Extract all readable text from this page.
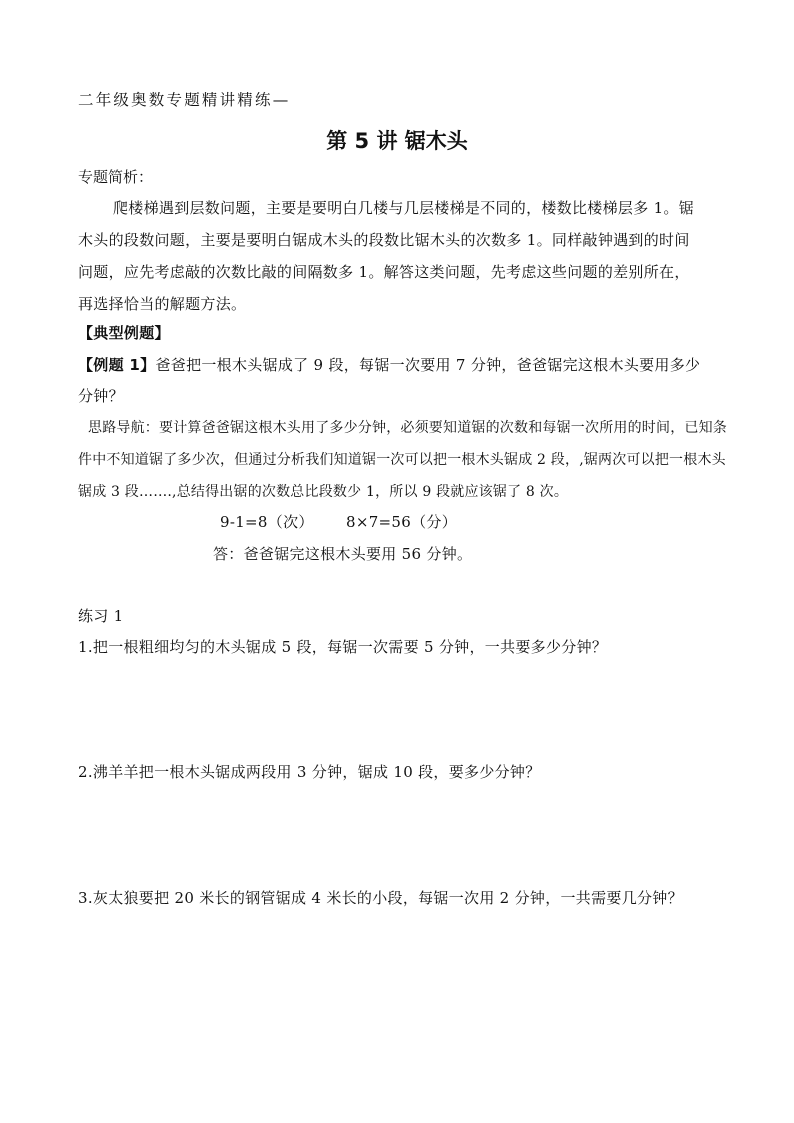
二年级奥数专题精讲精练—
第 5 讲 锯木头
专题简析：
爬楼梯遇到层数问题，主要是要明白几楼与几层楼梯是不同的，楼数比楼梯层多 1。锯
木头的段数问题，主要是要明白锯成木头的段数比锯木头的次数多 1。同样敲钟遇到的时间
问题，应先考虑敲的次数比敲的间隔数多 1。解答这类问题，先考虑这些问题的差别所在，
再选择恰当的解题方法。
【典型例题】
【例题 1】爸爸把一根木头锯成了 9 段，每锯一次要用 7 分钟，爸爸锯完这根木头要用多少
分钟？
思路导航：要计算爸爸锯这根木头用了多少分钟，必须要知道锯的次数和每锯一次所用的时间，已知条
件中不知道锯了多少次，但通过分析我们知道锯一次可以把一根木头锯成 2 段，,锯两次可以把一根木头
锯成 3 段…….,总结得出锯的次数总比段数少 1，所以 9 段就应该锯了 8 次。
9-1=8（次） 8×7=56（分）
答：爸爸锯完这根木头要用 56 分钟。
练习 1
1.把一根粗细均匀的木头锯成 5 段，每锯一次需要 5 分钟，一共要多少分钟？
2.沸羊羊把一根木头锯成两段用 3 分钟，锯成 10 段，要多少分钟？
3.灰太狼要把 20 米长的钢管锯成 4 米长的小段，每锯一次用 2 分钟，一共需要几分钟？
